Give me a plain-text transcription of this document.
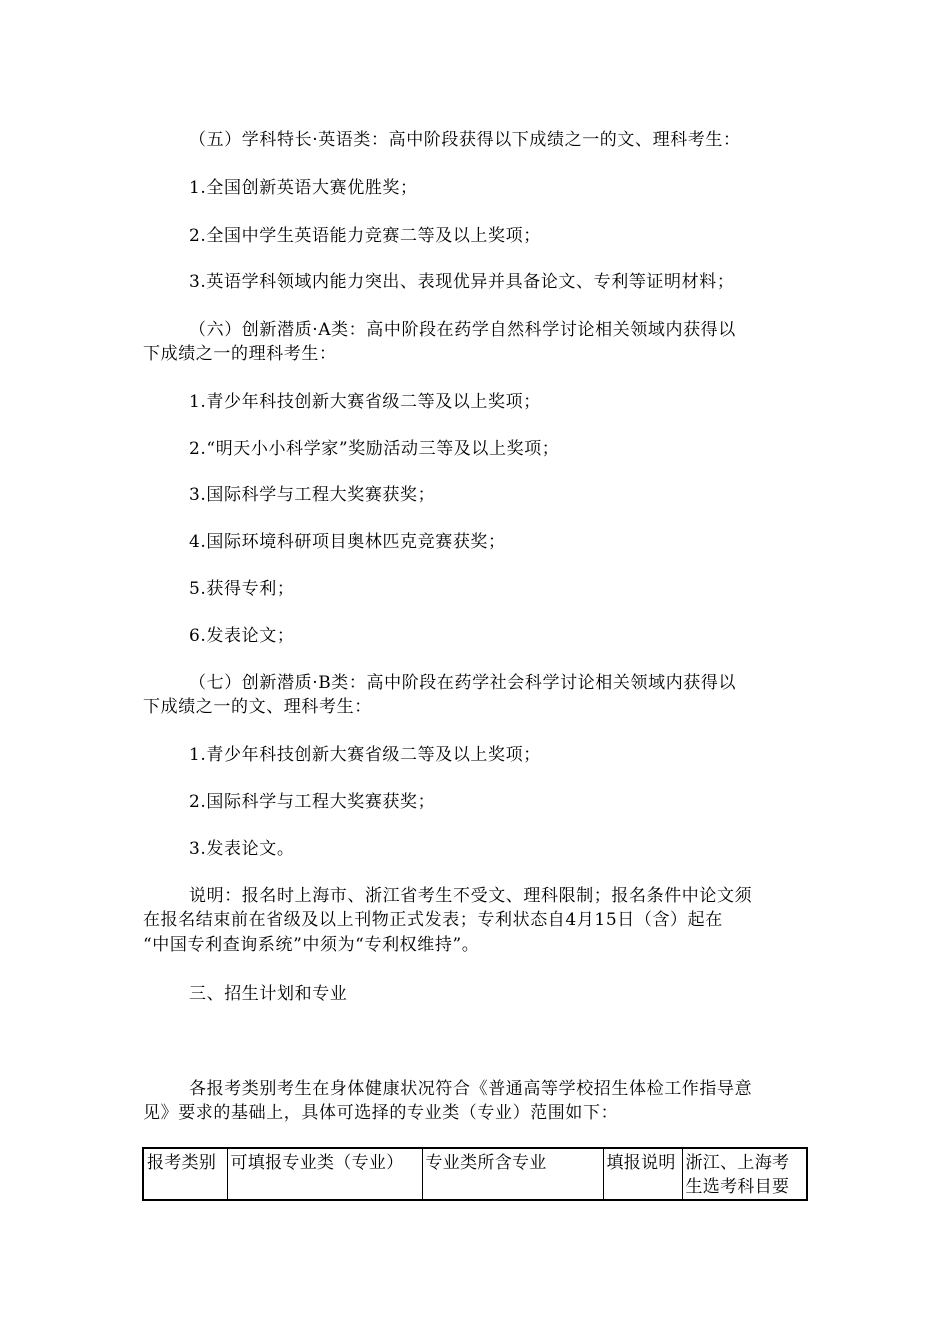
（五）学科特长·英语类：高中阶段获得以下成绩之一的文、理科考生：
1.全国创新英语大赛优胜奖；
2.全国中学生英语能力竞赛二等及以上奖项；
3.英语学科领域内能力突出、表现优异并具备论文、专利等证明材料；
（六）创新潜质·A类：高中阶段在药学自然科学讨论相关领域内获得以
下成绩之一的理科考生：
1.青少年科技创新大赛省级二等及以上奖项；
2.“明天小小科学家”奖励活动三等及以上奖项；
3.国际科学与工程大奖赛获奖；
4.国际环境科研项目奥林匹克竞赛获奖；
5.获得专利；
6.发表论文；
（七）创新潜质·B类：高中阶段在药学社会科学讨论相关领域内获得以
下成绩之一的文、理科考生：
1.青少年科技创新大赛省级二等及以上奖项；
2.国际科学与工程大奖赛获奖；
3.发表论文。
说明：报名时上海市、浙江省考生不受文、理科限制；报名条件中论文须
在报名结束前在省级及以上刊物正式发表；专利状态自4月15日（含）起在
“中国专利查询系统”中须为“专利权维持”。
三、招生计划和专业
各报考类别考生在身体健康状况符合《普通高等学校招生体检工作指导意
见》要求的基础上，具体可选择的专业类（专业）范围如下：
报考类别	可填报专业类（专业）	专业类所含专业	填报说明	浙江、上海考生选考科目要
